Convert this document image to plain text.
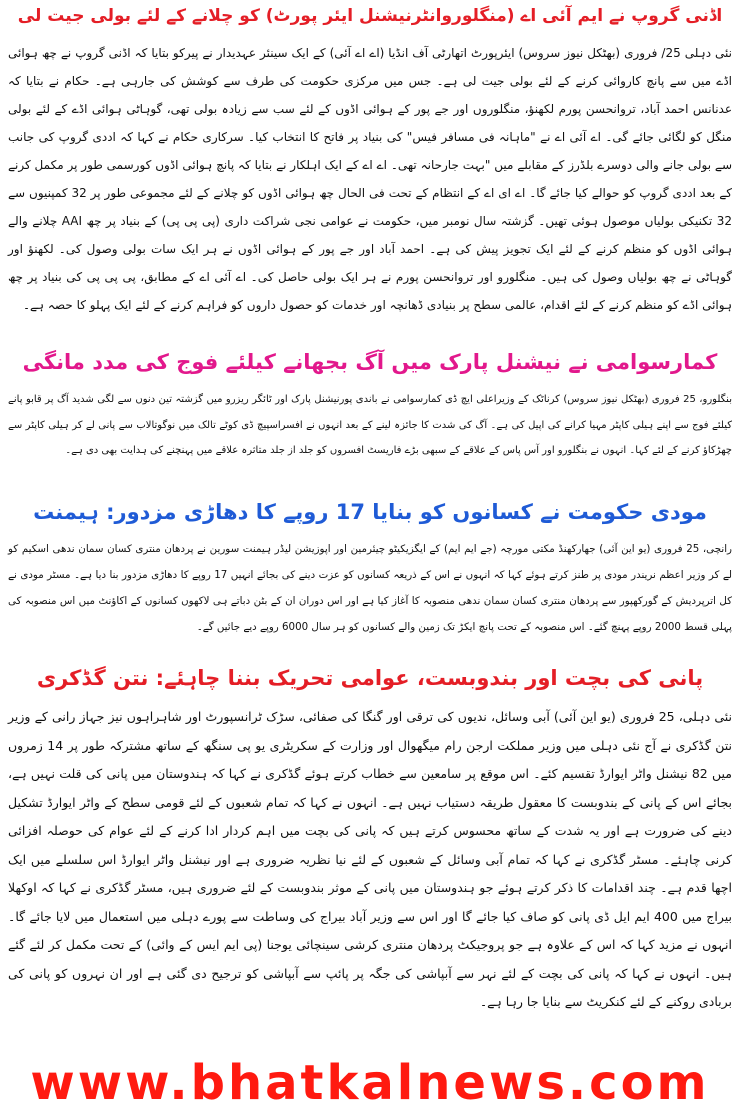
اڈنی گروپ نے ایم آئی اے (منگلوروانٹرنیشنل ایئر پورٹ) کو چلانے کے لئے بولی جیت لی

نئی دہلی 25/ فروری (بھٹکل نیوز سروس) ایئرپورٹ اتھارٹی آف انڈیا (اے اے آئی) کے ایک سینئر عہدیدار نے پیرکو بتایا کہ اڈنی گروپ نے چھ ہوائی اڈے میں سے پانچ کاروائی کرنے کے لئے بولی جیت لی ہے۔ جس میں مرکزی حکومت کی طرف سے کوشش کی جارہی ہے۔ حکام نے بتایا کہ عدنانس احمد آباد، تروانحسن پورم لکھنؤ، منگلوروں اور جے پور کے ہوائی اڈوں کے لئے سب سے زیادہ بولی تھی، گوہاٹی ہوائی اڈے کے لئے بولی منگل کو لگائی جائے گی۔ اے آئی اے نے "ماہانہ فی مسافر فیس" کی بنیاد پر فاتح کا انتخاب کیا۔ سرکاری حکام نے کہا کہ اددی گروپ کی جانب سے بولی جانے والی دوسرے بلڈرز کے مقابلے میں "بہت جارحانہ تھی۔ اے اے کے ایک اہلکار نے بتایا کہ پانچ ہوائی اڈوں کورسمی طور پر مکمل کرنے کے بعد اددی گروپ کو حوالے کیا جائے گا۔ اے ای اے کے انتظام کے تحت فی الحال چھ ہوائی اڈوں کو چلانے کے لئے مجموعی طور پر 32 کمپنیوں سے 32 تکنیکی بولیاں موصول ہوئی تھیں۔ گزشتہ سال نومبر میں، حکومت نے عوامی نجی شراکت داری (پی پی پی) کے بنیاد پر چھ AAI چلانے والے ہوائی اڈوں کو منظم کرنے کے لئے ایک تجویز پیش کی ہے۔ احمد آباد اور جے پور کے ہوائی اڈوں نے ہر ایک سات بولی وصول کی۔ لکھنؤ اور گوہاٹی نے چھ بولیاں وصول کی ہیں۔ منگلورو اور تروانحسن پورم نے ہر ایک بولی حاصل کی۔ اے آئی اے کے مطابق، پی پی پی کی بنیاد پر چھ ہوائی اڈے کو منظم کرنے کے لئے اقدام، عالمی سطح پر بنیادی ڈھانچہ اور خدمات کو حصول داروں کو فراہم کرنے کے لئے ایک پہلو کا حصہ ہے۔

کمارسوامی نے نیشنل پارک میں آگ بجھانے کیلئے فوج کی مدد مانگی

بنگلورو، 25 فروری (بھٹکل نیوز سروس) کرناٹک کے وزیراعلی ایچ ڈی کمارسوامی نے باندی پورنیشنل پارک اور ٹائگر ریزرو میں گزشتہ تین دنوں سے لگی شدید آگ پر قابو پانے کیلئے فوج سے اپنے ہیلی کاپٹر مہیا کرانے کی اپیل کی ہے۔ آگ کی شدت کا جائزہ لینے کے بعد انہوں نے افسراسپیچ ڈی کوٹے تالک میں نوگوتالاب سے پانی لے کر ہیلی کاپٹر سے چھڑکاؤ کرنے کے لئے کہا۔ انہوں نے بنگلورو اور آس پاس کے علاقے کے سبھی بڑے فاریسٹ افسروں کو جلد از جلد متاثرہ علاقے میں پہنچنے کی ہدایت بھی دی ہے۔

مودی حکومت نے کسانوں کو بنایا 17 روپے کا دھاڑی مزدور: ہیمنت

رانچی، 25 فروری (یو این آئی) جھارکھنڈ مکتی مورچہ (جے ایم ایم) کے ایگزیکیٹو چیئرمین اور اپوزیشن لیڈر ہیمنت سورین نے پردھان منتری کسان سمان ندھی اسکیم کو لے کر وزیر اعظم نریندر مودی پر طنز کرتے ہوئے کہا کہ انہوں نے اس کے ذریعہ کسانوں کو عزت دینے کی بجائے انہیں 17 روپے کا دھاڑی مزدور بنا دیا ہے۔ مسٹر مودی نے کل اترپردیش کے گورکھپور سے پردھان منتری کسان سمان ندھی منصوبہ کا آغاز کیا ہے اور اس دوران ان کے بٹن دباتے ہی لاکھوں کسانوں کے اکاؤنٹ میں اس منصوبہ کی پہلی قسط 2000 روپے پہنچ گئے۔ اس منصوبہ کے تحت پانچ ایکڑ تک زمین والے کسانوں کو ہر سال 6000 روپے دیے جائیں گے۔

پانی کی بچت اور بندوبست، عوامی تحریک بننا چاہئے: نتن گڈکری

نئی دہلی، 25 فروری (یو این آئی) آبی وسائل، ندیوں کی ترقی اور گنگا کی صفائی، سڑک ٹرانسپورٹ اور شاہراہوں نیز جہاز رانی کے وزیر نتن گڈکری نے آج نئی دہلی میں وزیر مملکت ارجن رام میگھوال اور وزارت کے سکریٹری یو پی سنگھ کے ساتھ مشترکہ طور پر 14 زمروں میں 82 نیشنل واٹر ایوارڈ تقسیم کئے۔ اس موقع پر سامعین سے خطاب کرتے ہوئے گڈکری نے کہا کہ ہندوستان میں پانی کی قلت نہیں ہے، بجائے اس کے پانی کے بندوبست کا معقول طریقہ دستیاب نہیں ہے۔ انہوں نے کہا کہ تمام شعبوں کے لئے قومی سطح کے واٹر ایوارڈ تشکیل دینے کی ضرورت ہے اور یہ شدت کے ساتھ محسوس کرتے ہیں کہ پانی کی بچت میں اہم کردار ادا کرنے کے لئے عوام کی حوصلہ افزائی کرنی چاہئے۔ مسٹر گڈکری نے کہا کہ تمام آبی وسائل کے شعبوں کے لئے نیا نظریہ ضروری ہے اور نیشنل واٹر ایوارڈ اس سلسلے میں ایک اچھا قدم ہے۔ چند اقدامات کا ذکر کرتے ہوئے جو ہندوستان میں پانی کے موثر بندوبست کے لئے ضروری ہیں، مسٹر گڈکری نے کہا کہ اوکھلا بیراج میں 400 ایم ایل ڈی پانی کو صاف کیا جائے گا اور اس سے وزیر آباد بیراج کی وساطت سے پورے دہلی میں استعمال میں لایا جائے گا۔ انہوں نے مزید کہا کہ اس کے علاوہ ہے جو پروجیکٹ پردھان منتری کرشی سینچائی یوجنا (پی ایم ایس کے وائی) کے تحت مکمل کر لئے گئے ہیں۔ انہوں نے کہا کہ پانی کی بچت کے لئے نہر سے آبپاشی کی جگہ پر پائپ سے آبپاشی کو ترجیح دی گئی ہے اور ان نہروں کو پانی کی بربادی روکنے کے لئے کنکریٹ سے بنایا جا رہا ہے۔

www.bhatkalnews.com
